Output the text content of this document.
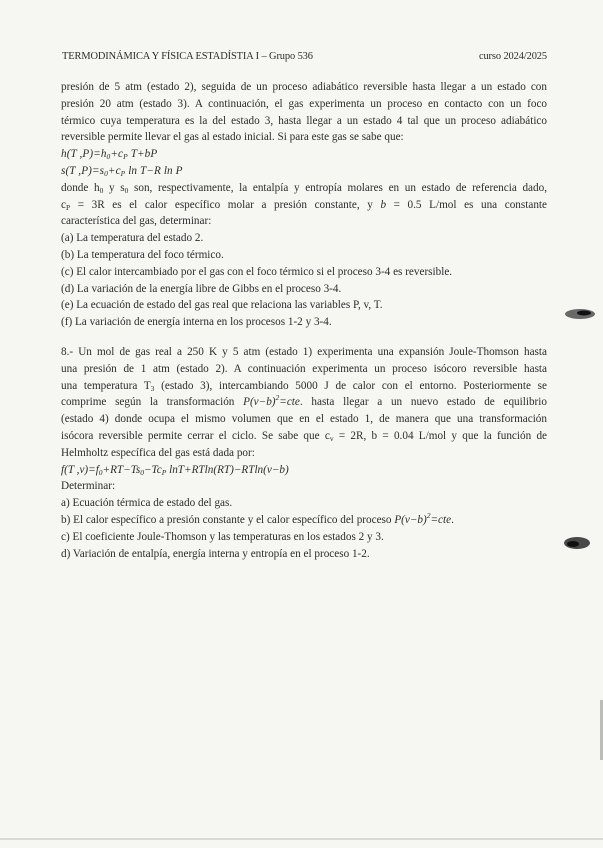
TERMODINÁMICA Y FÍSICA ESTADÍSTIA I – Grupo 536	curso 2024/2025

presión de 5 atm (estado 2), seguida de un proceso adiabático reversible hasta llegar a un estado con

presión 20 atm (estado 3). A continuación, el gas experimenta un proceso en contacto con un foco

térmico cuya temperatura es la del estado 3, hasta llegar a un estado 4 tal que un proceso adiabático

reversible permite llevar el gas al estado inicial. Si para este gas se sabe que:

h(T $,P)=h_0+c_P$ T+bP

s(T $,P)=s_0+c_P$ ln T−R ln P

donde $h_0$ y $s_0$ son, respectivamente, la entalpía y entropía molares en un estado de referencia dado,

$c_P = 3R$ es el calor específico molar a presión constante, y b = 0.5 L/mol es una constante

característica del gas, determinar:

(a) La temperatura del estado 2.

(b) La temperatura del foco térmico.

(c) El calor intercambiado por el gas con el foco térmico si el proceso 3-4 es reversible.

(d) La variación de la energía libre de Gibbs en el proceso 3-4.

(e) La ecuación de estado del gas real que relaciona las variables P, v, T.

(f) La variación de energía interna en los procesos 1-2 y 3-4.

8.- Un mol de gas real a 250 K y 5 atm (estado 1) experimenta una expansión Joule-Thomson hasta

una presión de 1 atm (estado 2). A continuación experimenta un proceso isócoro reversible hasta

una temperatura $T_3$ (estado 3), intercambiando 5000 J de calor con el entorno. Posteriormente se

comprime según la transformación $P(v-b)^2=cte$. hasta llegar a un nuevo estado de equilibrio

(estado 4) donde ocupa el mismo volumen que en el estado 1, de manera que una transformación

isócora reversible permite cerrar el ciclo. Se sabe que $c_v = 2R$, b = 0.04 L/mol y que la función de

Helmholtz específica del gas está dada por:

f(T $,v)=f_0+RT-Ts_0-Tc_P$ lnT+RTln(RT)−RTln(v−b)

Determinar:

a) Ecuación térmica de estado del gas.

b) El calor específico a presión constante y el calor específico del proceso $P(v-b)^2=cte$.

c) El coeficiente Joule-Thomson y las temperaturas en los estados 2 y 3.

d) Variación de entalpía, energía interna y entropía en el proceso 1-2.
